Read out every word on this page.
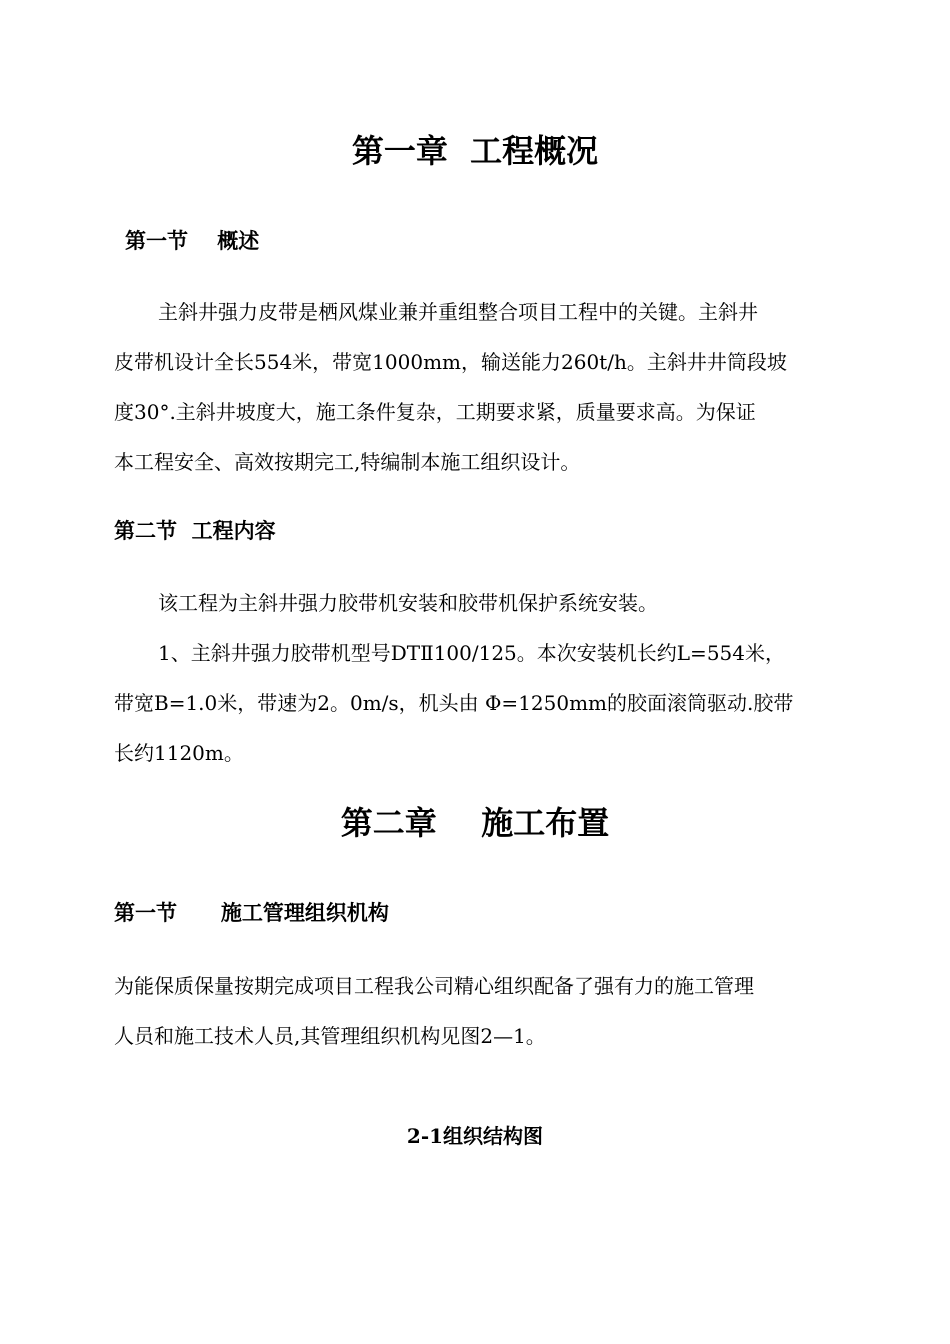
第一章  工程概况
第一节    概述
主斜井强力皮带是栖风煤业兼并重组整合项目工程中的关键。主斜井
皮带机设计全长554米，带宽1000mm，输送能力260t/h。主斜井井筒段坡
度30°.主斜井坡度大，施工条件复杂，工期要求紧，质量要求高。为保证
本工程安全、高效按期完工,特编制本施工组织设计。
第二节  工程内容
该工程为主斜井强力胶带机安装和胶带机保护系统安装。
1、主斜井强力胶带机型号DTⅡ100/125。本次安装机长约L=554米，
带宽B=1.0米，带速为2。0m/s，机头由 Φ=1250mm的胶面滚筒驱动.胶带
长约1120m。
第二章    施工布置
第一节      施工管理组织机构
为能保质保量按期完成项目工程我公司精心组织配备了强有力的施工管理
人员和施工技术人员,其管理组织机构见图2—1。
2-1组织结构图
